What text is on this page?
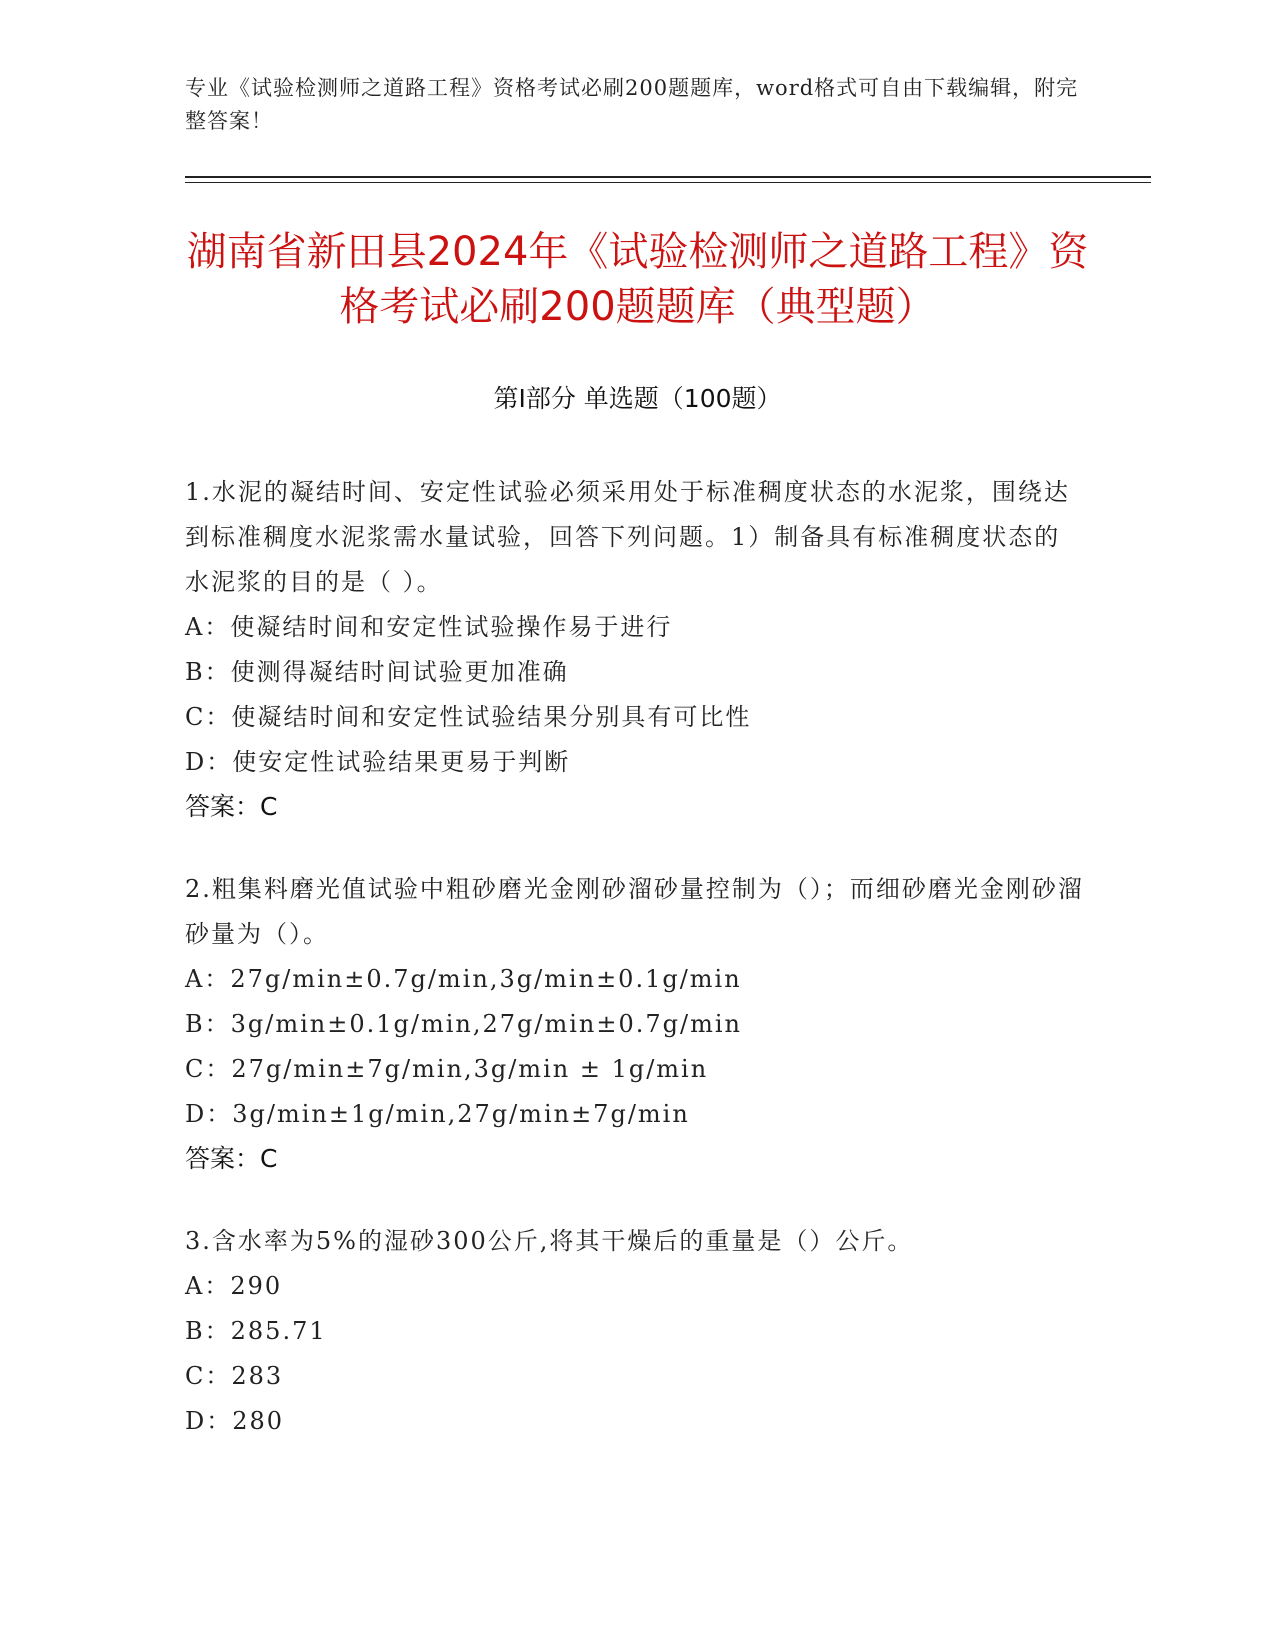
专业《试验检测师之道路工程》资格考试必刷200题题库，word格式可自由下载编辑，附完整答案！
湖南省新田县2024年《试验检测师之道路工程》资格考试必刷200题题库（典型题）
第I部分 单选题（100题）

1.水泥的凝结时间、安定性试验必须采用处于标准稠度状态的水泥浆，围绕达到标准稠度水泥浆需水量试验，回答下列问题。1）制备具有标准稠度状态的水泥浆的目的是（ ）。

A：使凝结时间和安定性试验操作易于进行

B：使测得凝结时间试验更加准确

C：使凝结时间和安定性试验结果分别具有可比性

D：使安定性试验结果更易于判断

答案：C

2.粗集料磨光值试验中粗砂磨光金刚砂溜砂量控制为（）；而细砂磨光金刚砂溜砂量为（）。

A：27g/min±0.7g/min,3g/min±0.1g/min

B：3g/min±0.1g/min,27g/min±0.7g/min

C：27g/min±7g/min,3g/min ± 1g/min

D：3g/min±1g/min,27g/min±7g/min

答案：C

3.含水率为5%的湿砂300公斤,将其干燥后的重量是（）公斤。

A：290

B：285.71

C：283

D：280
